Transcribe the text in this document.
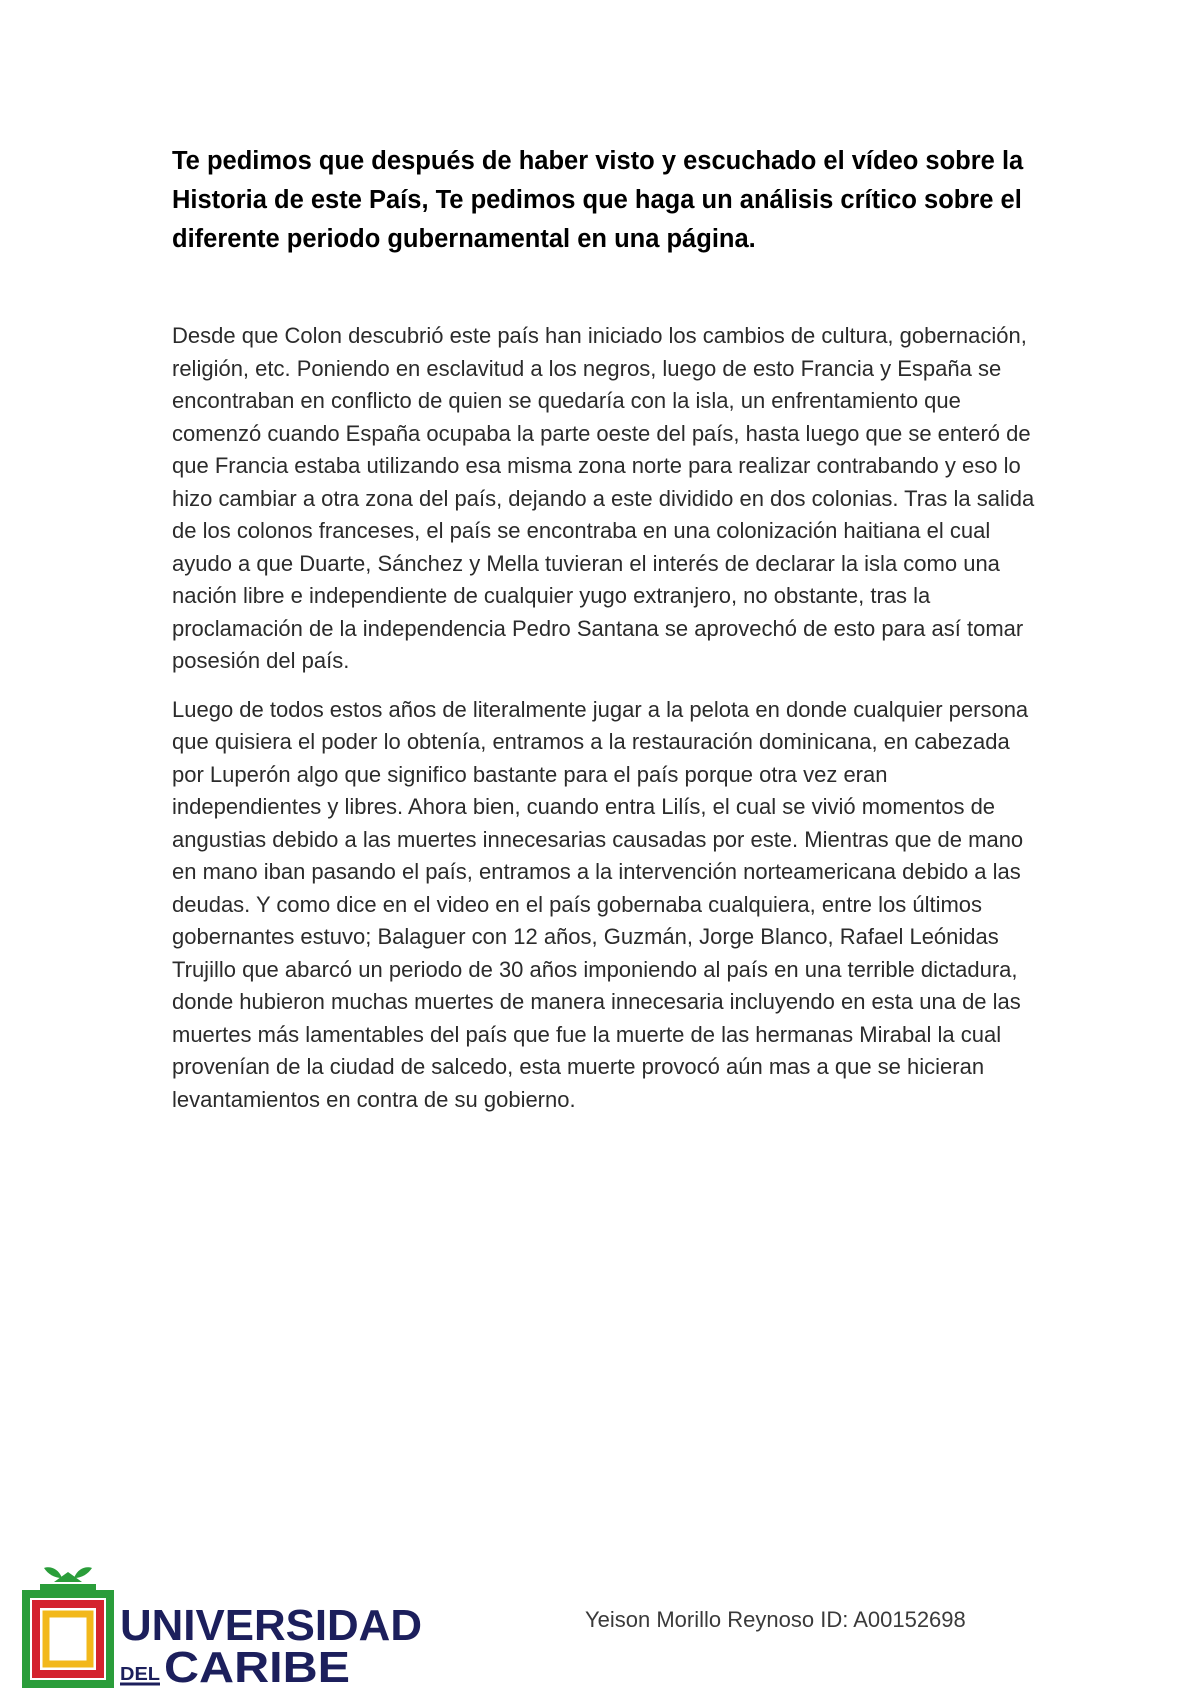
Te pedimos que después de haber visto y escuchado el vídeo sobre la Historia de este País, Te pedimos que haga un análisis crítico sobre el diferente periodo gubernamental en una página.

Desde que Colon descubrió este país han iniciado los cambios de cultura, gobernación, religión, etc. Poniendo en esclavitud a los negros, luego de esto Francia y España se encontraban en conflicto de quien se quedaría con la isla, un enfrentamiento que comenzó cuando España ocupaba la parte oeste del país, hasta luego que se enteró de que Francia estaba utilizando esa misma zona norte para realizar contrabando y eso lo hizo cambiar a otra zona del país, dejando a este dividido en dos colonias. Tras la salida de los colonos franceses, el país se encontraba en una colonización haitiana el cual ayudo a que Duarte, Sánchez y Mella tuvieran el interés de declarar la isla como una nación libre e independiente de cualquier yugo extranjero, no obstante, tras la proclamación de la independencia Pedro Santana se aprovechó de esto para así tomar posesión del país.

Luego de todos estos años de literalmente jugar a la pelota en donde cualquier persona que quisiera el poder lo obtenía, entramos a la restauración dominicana, en cabezada por Luperón algo que significo bastante para el país porque otra vez eran independientes y libres. Ahora bien, cuando entra Lilís, el cual se vivió momentos de angustias debido a las muertes innecesarias causadas por este. Mientras que de mano en mano iban pasando el país, entramos a la intervención norteamericana debido a las deudas. Y como dice en el video en el país gobernaba cualquiera, entre los últimos gobernantes estuvo; Balaguer con 12 años, Guzmán, Jorge Blanco, Rafael Leónidas Trujillo que abarcó un periodo de 30 años imponiendo al país en una terrible dictadura, donde hubieron muchas muertes de manera innecesaria incluyendo en esta una de las muertes más lamentables del país que fue la muerte de las hermanas Mirabal la cual provenían de la ciudad de salcedo, esta muerte provocó aún mas a que se hicieran levantamientos en contra de su gobierno.

UNIVERSIDAD
DEL CARIBE
Yeison Morillo Reynoso ID: A00152698
